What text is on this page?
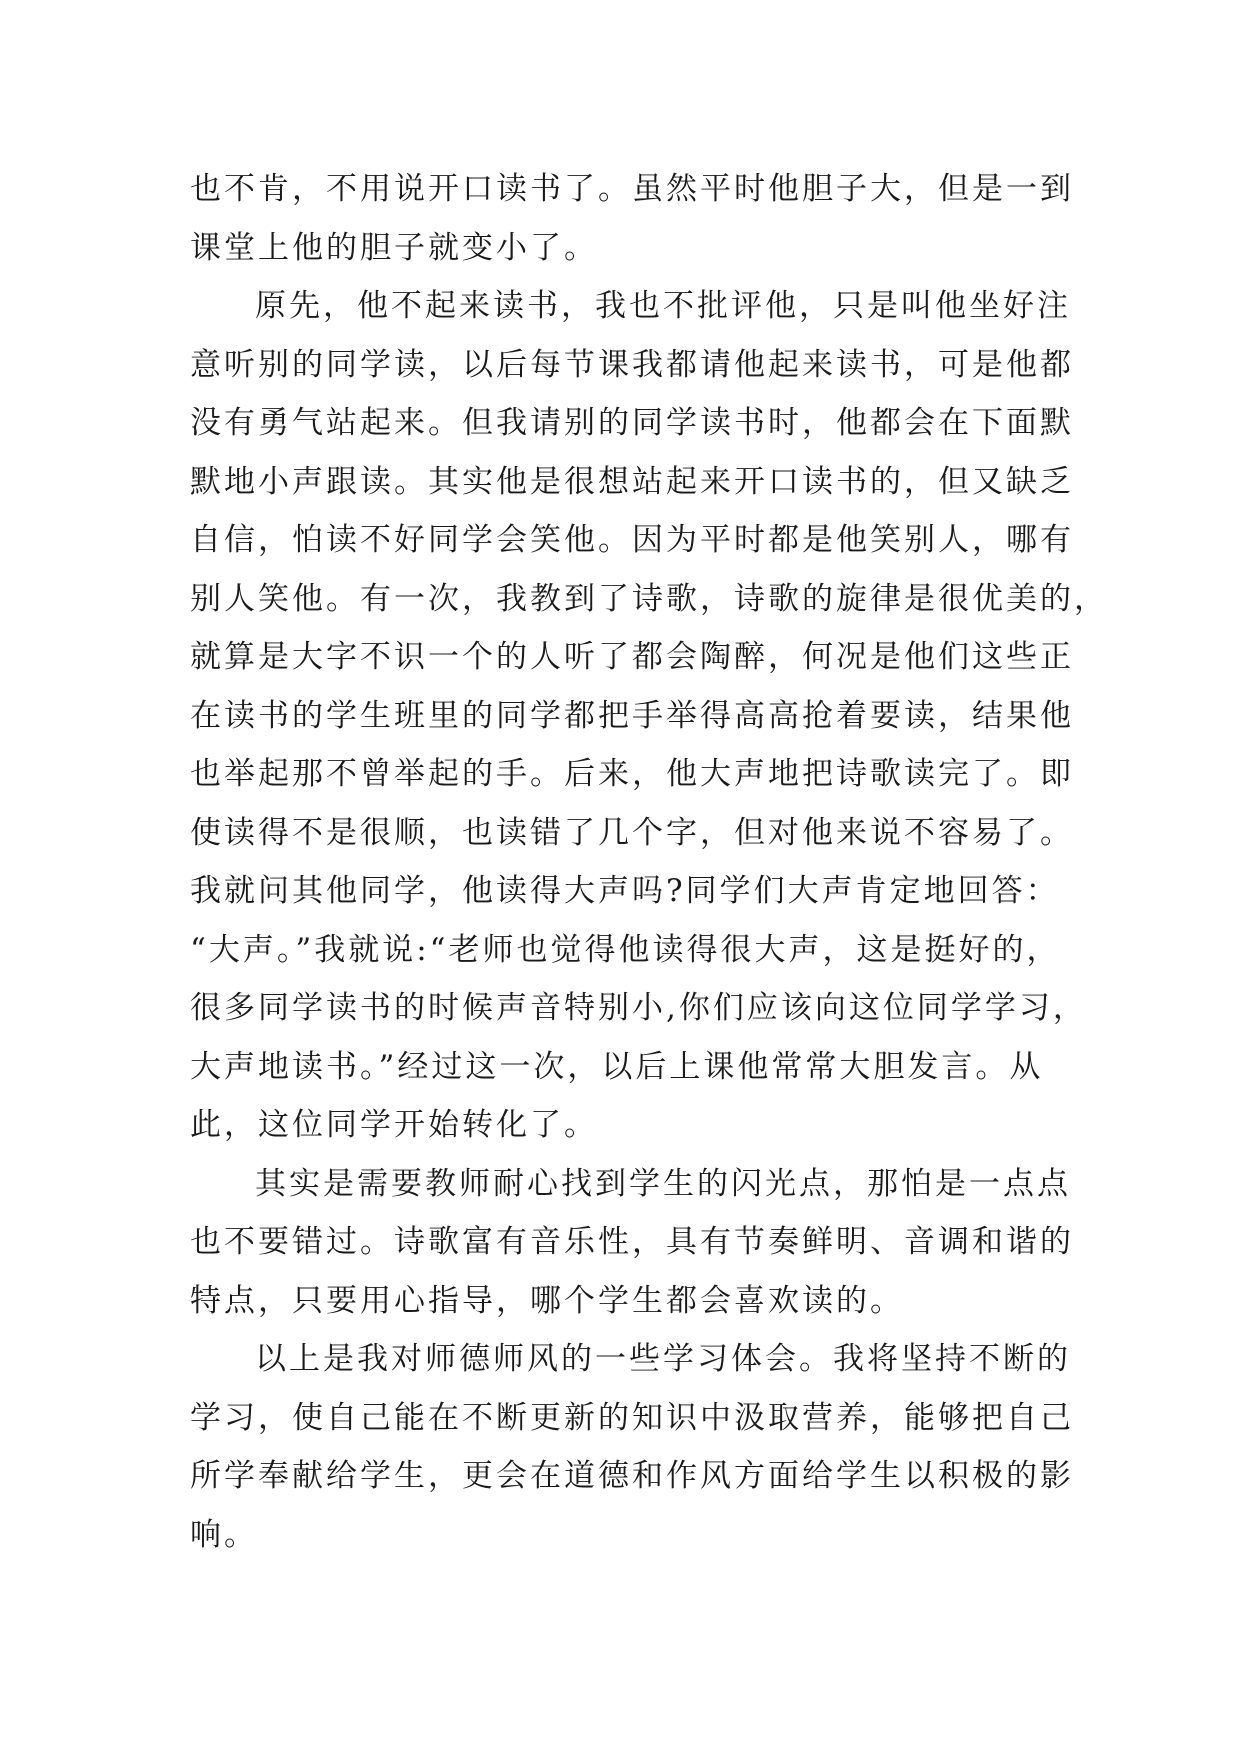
也不肯，不用说开口读书了。虽然平时他胆子大，但是一到
课堂上他的胆子就变小了。
原先，他不起来读书，我也不批评他，只是叫他坐好注
意听别的同学读，以后每节课我都请他起来读书，可是他都
没有勇气站起来。但我请别的同学读书时，他都会在下面默
默地小声跟读。其实他是很想站起来开口读书的，但又缺乏
自信，怕读不好同学会笑他。因为平时都是他笑别人，哪有
别人笑他。有一次，我教到了诗歌，诗歌的旋律是很优美的，
就算是大字不识一个的人听了都会陶醉，何况是他们这些正
在读书的学生班里的同学都把手举得高高抢着要读，结果他
也举起那不曾举起的手。后来，他大声地把诗歌读完了。即
使读得不是很顺，也读错了几个字，但对他来说不容易了。
我就问其他同学，他读得大声吗?同学们大声肯定地回答：
“大声。”我就说:“老师也觉得他读得很大声，这是挺好的，
很多同学读书的时候声音特别小,你们应该向这位同学学习，
大声地读书。”经过这一次，以后上课他常常大胆发言。从
此，这位同学开始转化了。
其实是需要教师耐心找到学生的闪光点，那怕是一点点
也不要错过。诗歌富有音乐性，具有节奏鲜明、音调和谐的
特点，只要用心指导，哪个学生都会喜欢读的。
以上是我对师德师风的一些学习体会。我将坚持不断的
学习，使自己能在不断更新的知识中汲取营养，能够把自己
所学奉献给学生，更会在道德和作风方面给学生以积极的影
响。
